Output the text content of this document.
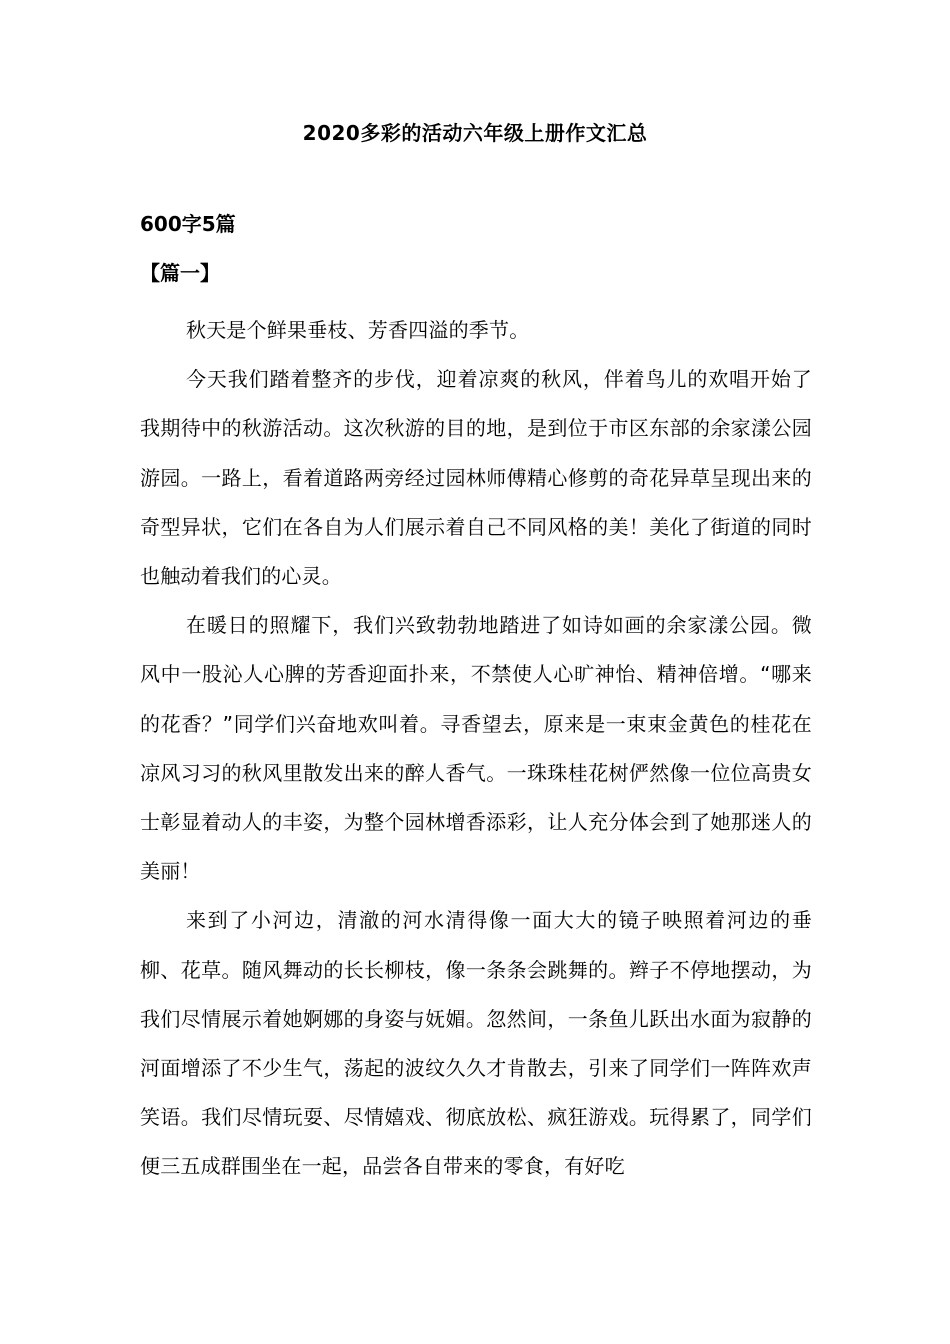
2020多彩的活动六年级上册作文汇总
600字5篇
【篇一】

秋天是个鲜果垂枝、芳香四溢的季节。

今天我们踏着整齐的步伐，迎着凉爽的秋风，伴着鸟儿的欢唱开始了我期待中的秋游活动。这次秋游的目的地，是到位于市区东部的余家漾公园游园。一路上，看着道路两旁经过园林师傅精心修剪的奇花异草呈现出来的奇型异状，它们在各自为人们展示着自己不同风格的美！美化了街道的同时也触动着我们的心灵。

在暖日的照耀下，我们兴致勃勃地踏进了如诗如画的余家漾公园。微风中一股沁人心脾的芳香迎面扑来，不禁使人心旷神怡、精神倍增。“哪来的花香？”同学们兴奋地欢叫着。寻香望去，原来是一束束金黄色的桂花在凉风习习的秋风里散发出来的醉人香气。一珠珠桂花树俨然像一位位高贵女士彰显着动人的丰姿，为整个园林增香添彩，让人充分体会到了她那迷人的美丽！

来到了小河边，清澈的河水清得像一面大大的镜子映照着河边的垂柳、花草。随风舞动的长长柳枝，像一条条会跳舞的。辫子不停地摆动，为我们尽情展示着她婀娜的身姿与妩媚。忽然间，一条鱼儿跃出水面为寂静的河面增添了不少生气，荡起的波纹久久才肯散去，引来了同学们一阵阵欢声笑语。我们尽情玩耍、尽情嬉戏、彻底放松、疯狂游戏。玩得累了，同学们便三五成群围坐在一起，品尝各自带来的零食，有好吃
